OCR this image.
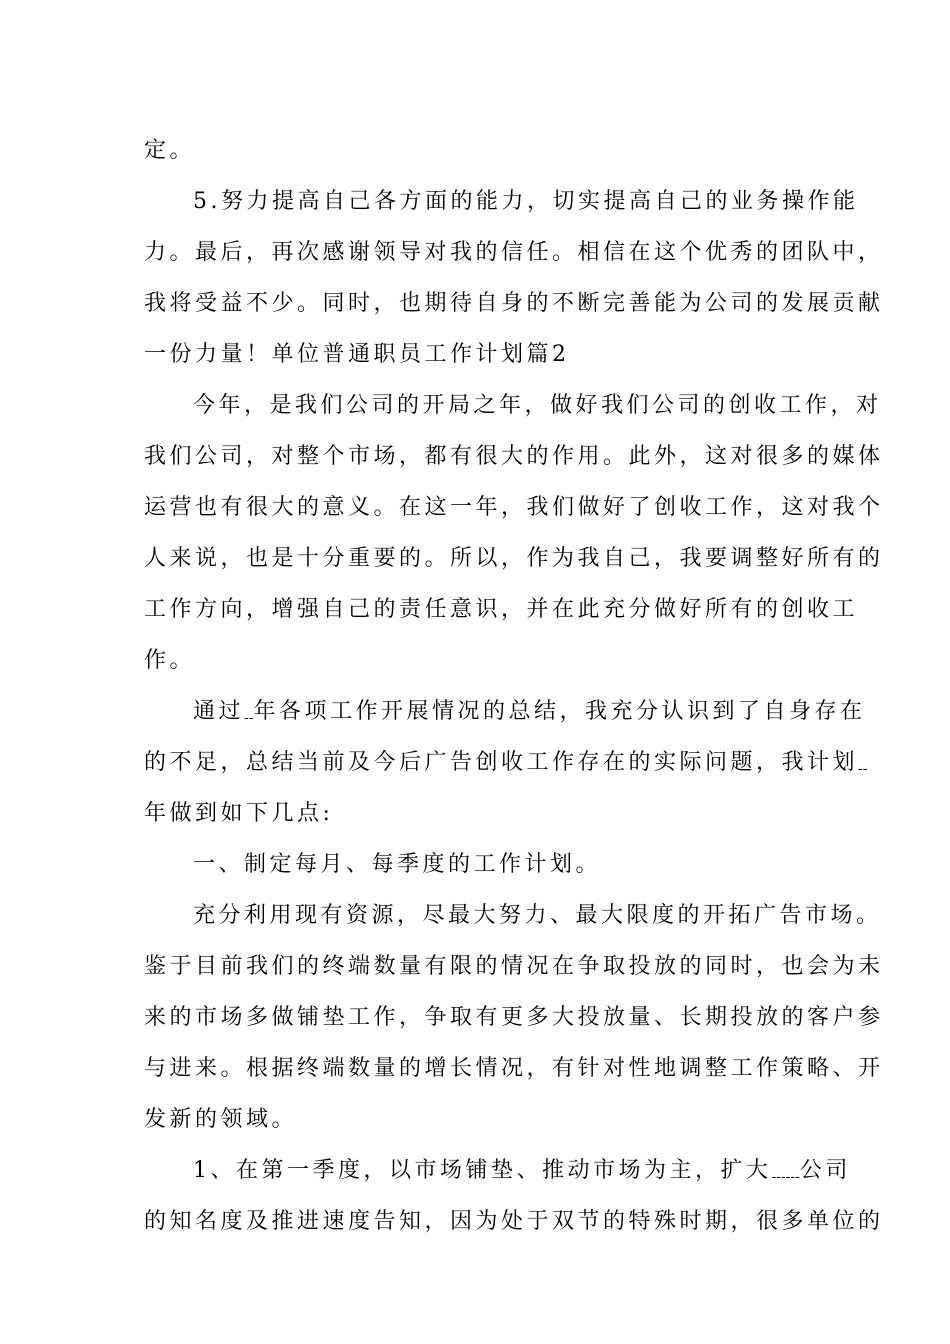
定。
5.努力提高自己各方面的能力，切实提高自己的业务操作能
力。最后，再次感谢领导对我的信任。相信在这个优秀的团队中，
我将受益不少。同时，也期待自身的不断完善能为公司的发展贡献
一份力量！单位普通职员工作计划篇2
今年，是我们公司的开局之年，做好我们公司的创收工作，对
我们公司，对整个市场，都有很大的作用。此外，这对很多的媒体
运营也有很大的意义。在这一年，我们做好了创收工作，这对我个
人来说，也是十分重要的。所以，作为我自己，我要调整好所有的
工作方向，增强自己的责任意识，并在此充分做好所有的创收工
作。
通过--年各项工作开展情况的总结，我充分认识到了自身存在
的不足，总结当前及今后广告创收工作存在的实际问题，我计划--
年做到如下几点:
一、制定每月、每季度的工作计划。
充分利用现有资源，尽最大努力、最大限度的开拓广告市场。
鉴于目前我们的终端数量有限的情况在争取投放的同时，也会为未
来的市场多做铺垫工作，争取有更多大投放量、长期投放的客户参
与进来。根据终端数量的增长情况，有针对性地调整工作策略、开
发新的领域。
1、在第一季度，以市场铺垫、推动市场为主，扩大------公司
的知名度及推进速度告知，因为处于双节的特殊时期，很多单位的
